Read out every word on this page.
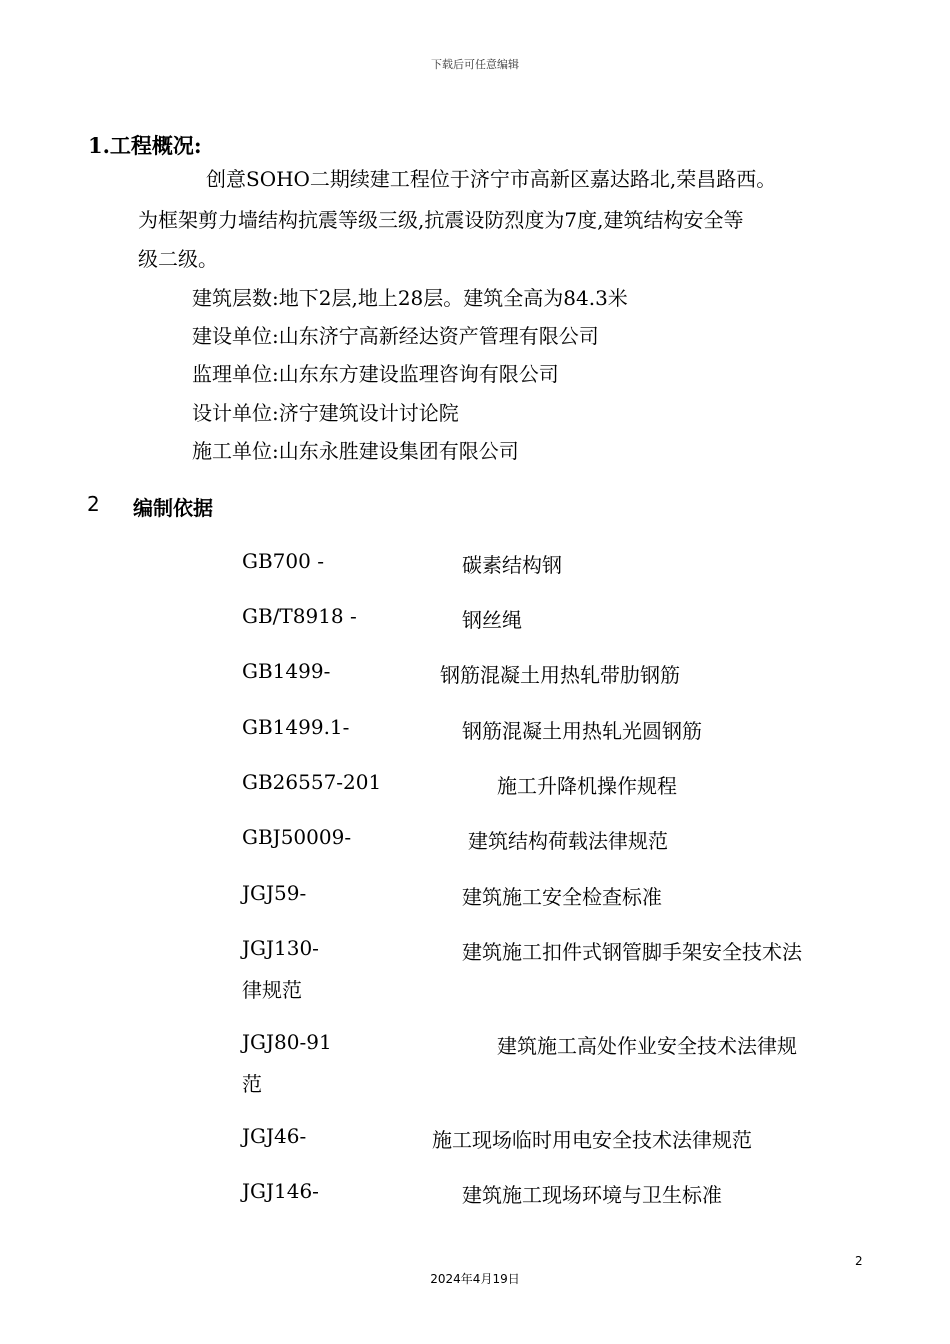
下载后可任意编辑
1.工程概况:
创意SOHO二期续建工程位于济宁市高新区嘉达路北,荣昌路西。
为框架剪力墙结构抗震等级三级,抗震设防烈度为7度,建筑结构安全等
级二级。
建筑层数:地下2层,地上28层。建筑全高为84.3米
建设单位:山东济宁高新经达资产管理有限公司
监理单位:山东东方建设监理咨询有限公司
设计单位:济宁建筑设计讨论院
施工单位:山东永胜建设集团有限公司
2 编制依据
GB700 -	碳素结构钢
GB/T8918 -	钢丝绳
GB1499-	钢筋混凝土用热轧带肋钢筋
GB1499.1-	钢筋混凝土用热轧光圆钢筋
GB26557-201	施工升降机操作规程
GBJ50009-	建筑结构荷载法律规范
JGJ59-	建筑施工安全检查标准
JGJ130-	建筑施工扣件式钢管脚手架安全技术法
律规范
JGJ80-91	建筑施工高处作业安全技术法律规
范
JGJ46-	施工现场临时用电安全技术法律规范
JGJ146-	建筑施工现场环境与卫生标准
2
2024年4月19日
